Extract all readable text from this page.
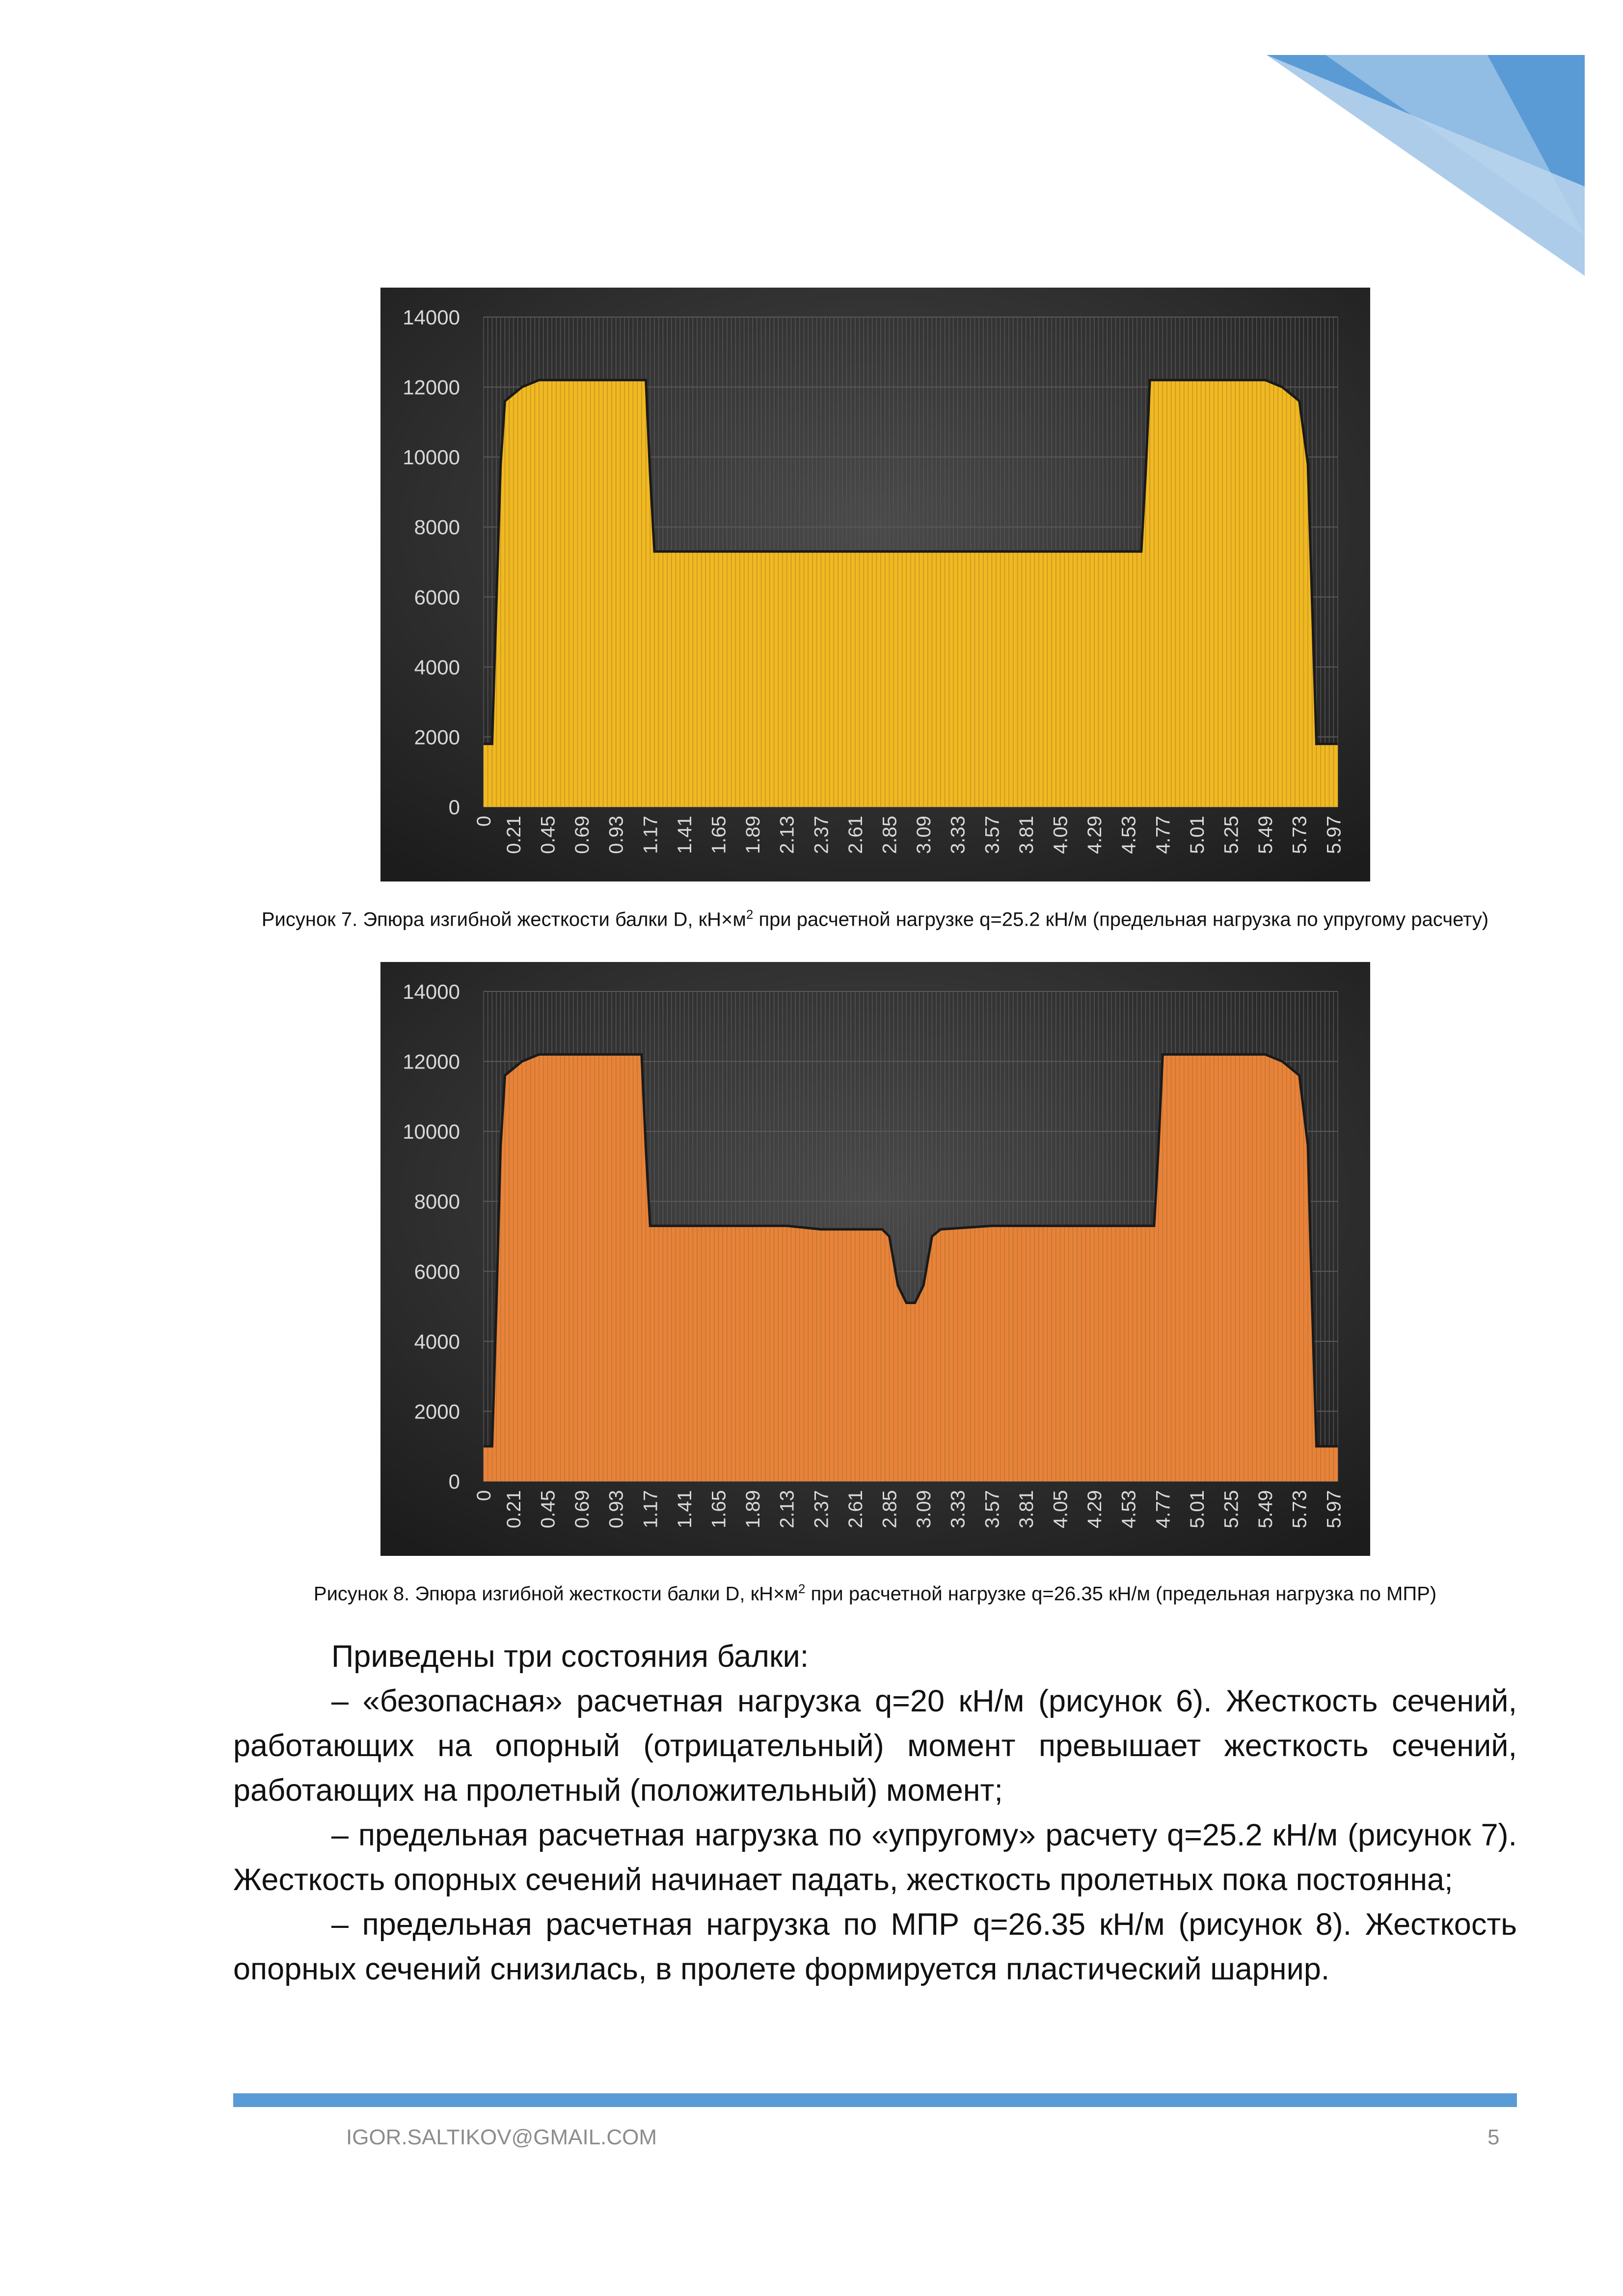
0
2000
4000
6000
8000
10000
12000
14000
0 0.21 0.45 0.69 0.93 1.17 1.41 1.65 1.89 2.13 2.37 2.61 2.85 3.09 3.33 3.57 3.81 4.05 4.29 4.53 4.77 5.01 5.25 5.49 5.73 5.97
Рисунок 7. Эпюра изгибной жесткости балки D, $кН\times м^2$ при расчетной нагрузке q=25.2 кН/м (предельная нагрузка по упругому расчету)
0
2000
4000
6000
8000
10000
12000
14000
0 0.21 0.45 0.69 0.93 1.17 1.41 1.65 1.89 2.13 2.37 2.61 2.85 3.09 3.33 3.57 3.81 4.05 4.29 4.53 4.77 5.01 5.25 5.49 5.73 5.97
Рисунок 8. Эпюра изгибной жесткости балки D, $кН\times м^2$ при расчетной нагрузке q=26.35 кН/м (предельная нагрузка по МПР)

Приведены три состояния балки:

– «безопасная» расчетная нагрузка q=20 кН/м (рисунок 6). Жесткость сечений, работающих на опорный (отрицательный) момент превышает жесткость сечений, работающих на пролетный (положительный) момент;

– предельная расчетная нагрузка по «упругому» расчету q=25.2 кН/м (рисунок 7). Жесткость опорных сечений начинает падать, жесткость пролетных пока постоянна;

– предельная расчетная нагрузка по МПР q=26.35 кН/м (рисунок 8). Жесткость опорных сечений снизилась, в пролете формируется пластический шарнир.

IGOR.SALTIKOV@GMAIL.COM	5
